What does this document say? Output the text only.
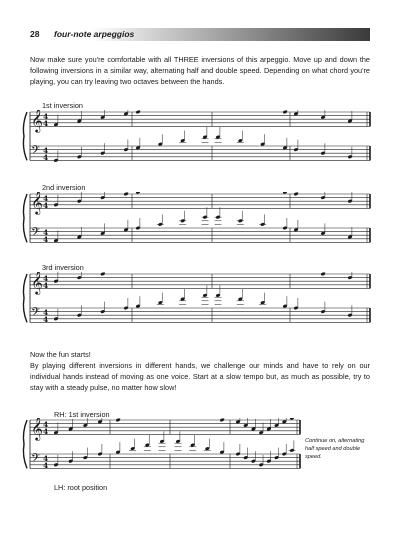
28 four-note arpeggios

Now make sure you're comfortable with all THREE inversions of this arpeggio. Move up and down the following inversions in a similar way, alternating half and double speed. Depending on what chord you're playing, you can try leaving two octaves between the hands.

1st inversion
𝄞 4
4
𝄢 4
4
2nd inversion
𝄞 4
4
𝄢 4
4
3rd inversion
𝄞 4
4
𝄢 4
4

Now the fun starts!

By playing different inversions in different hands, we challenge our minds and have to rely on our individual hands instead of moving as one voice. Start at a slow tempo but, as much as possible, try to stay with a steady pulse, no matter how slow!

RH: 1st inversion
𝄞 4
4
𝄢 4
4
LH: root position
Continue on, alternating half speed and double speed.
